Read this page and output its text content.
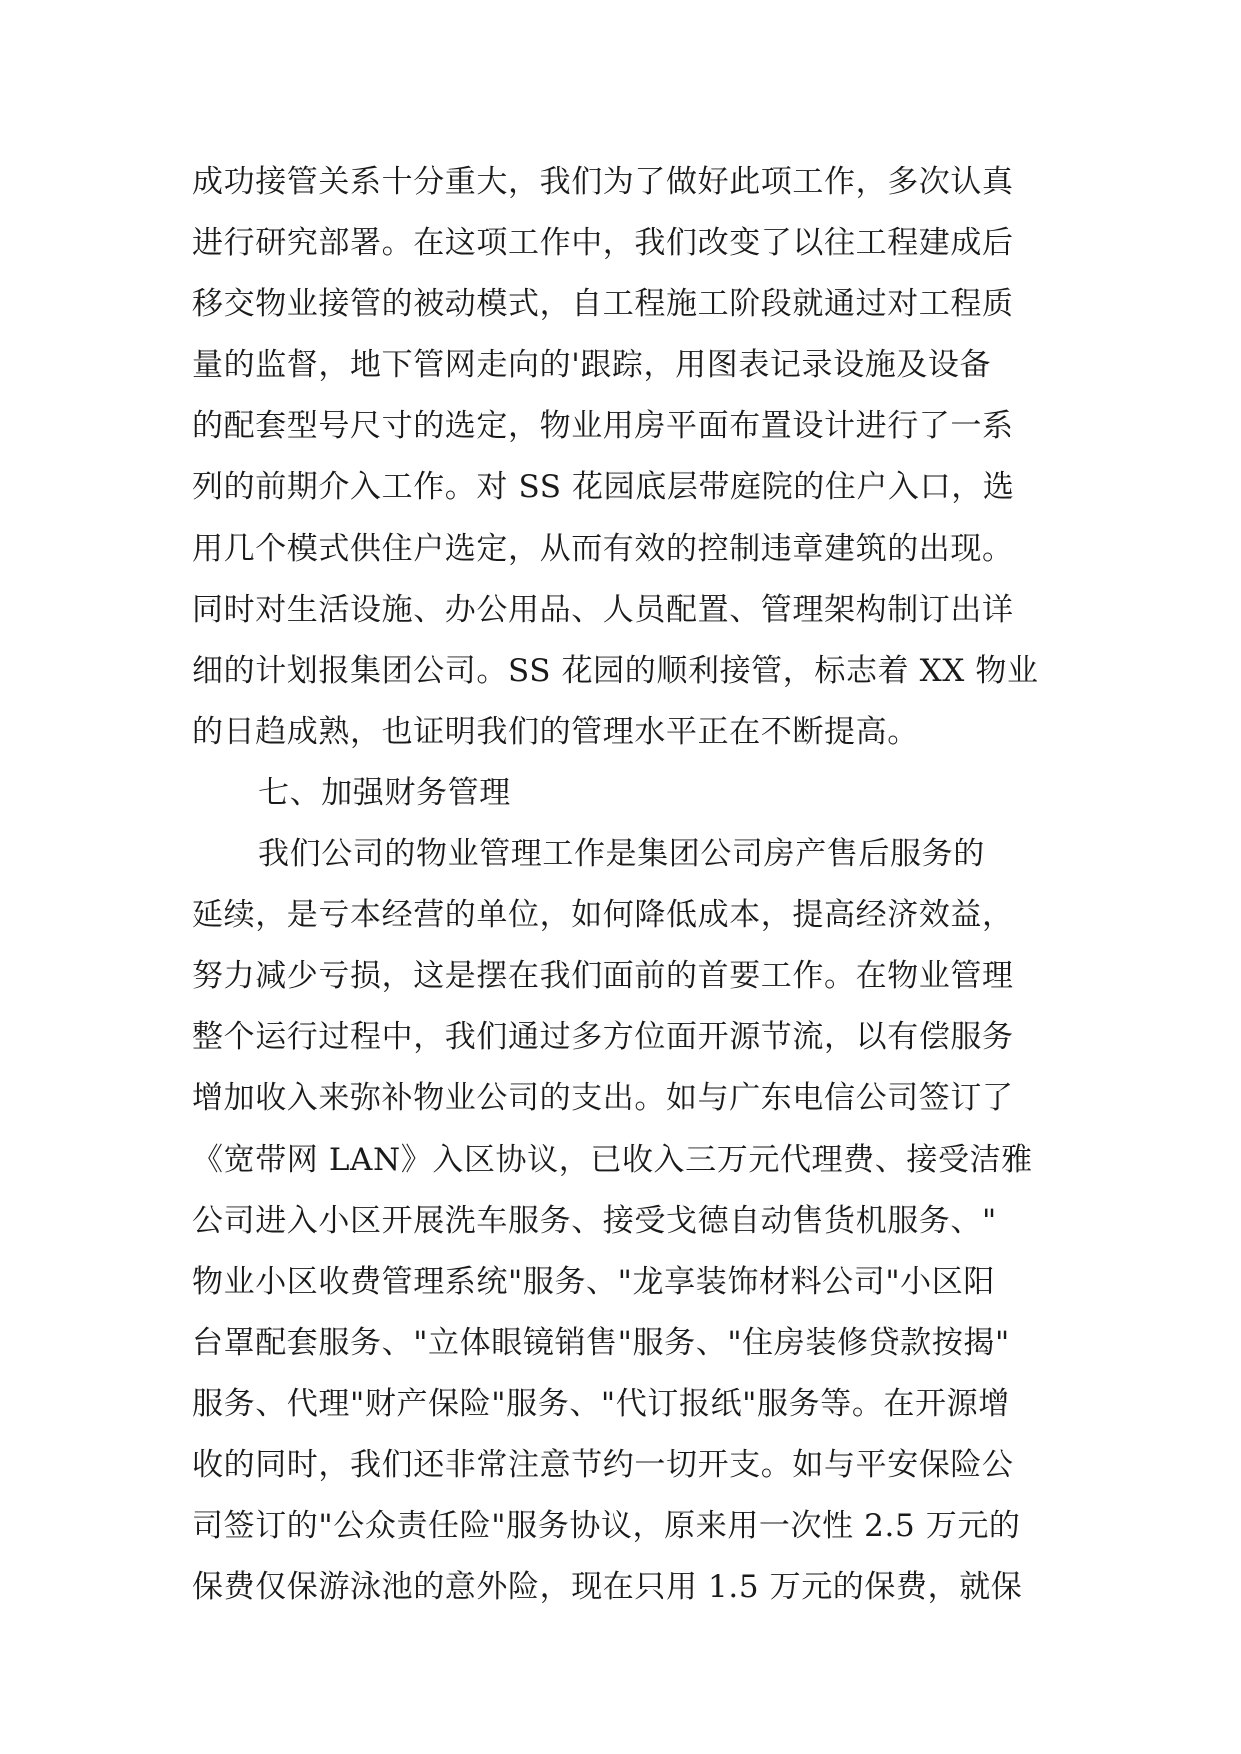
成功接管关系十分重大，我们为了做好此项工作，多次认真
进行研究部署。在这项工作中，我们改变了以往工程建成后
移交物业接管的被动模式，自工程施工阶段就通过对工程质
量的监督，地下管网走向的'跟踪，用图表记录设施及设备
的配套型号尺寸的选定，物业用房平面布置设计进行了一系
列的前期介入工作。对 SS 花园底层带庭院的住户入口，选
用几个模式供住户选定，从而有效的控制违章建筑的出现。
同时对生活设施、办公用品、人员配置、管理架构制订出详
细的计划报集团公司。SS 花园的顺利接管，标志着 XX 物业
的日趋成熟，也证明我们的管理水平正在不断提高。
七、加强财务管理
我们公司的物业管理工作是集团公司房产售后服务的
延续，是亏本经营的单位，如何降低成本，提高经济效益，
努力减少亏损，这是摆在我们面前的首要工作。在物业管理
整个运行过程中，我们通过多方位面开源节流，以有偿服务
增加收入来弥补物业公司的支出。如与广东电信公司签订了
《宽带网 LAN》入区协议，已收入三万元代理费、接受洁雅
公司进入小区开展洗车服务、接受戈德自动售货机服务、"
物业小区收费管理系统"服务、"龙享装饰材料公司"小区阳
台罩配套服务、"立体眼镜销售"服务、"住房装修贷款按揭"
服务、代理"财产保险"服务、"代订报纸"服务等。在开源增
收的同时，我们还非常注意节约一切开支。如与平安保险公
司签订的"公众责任险"服务协议，原来用一次性 2.5 万元的
保费仅保游泳池的意外险，现在只用 1.5 万元的保费，就保
